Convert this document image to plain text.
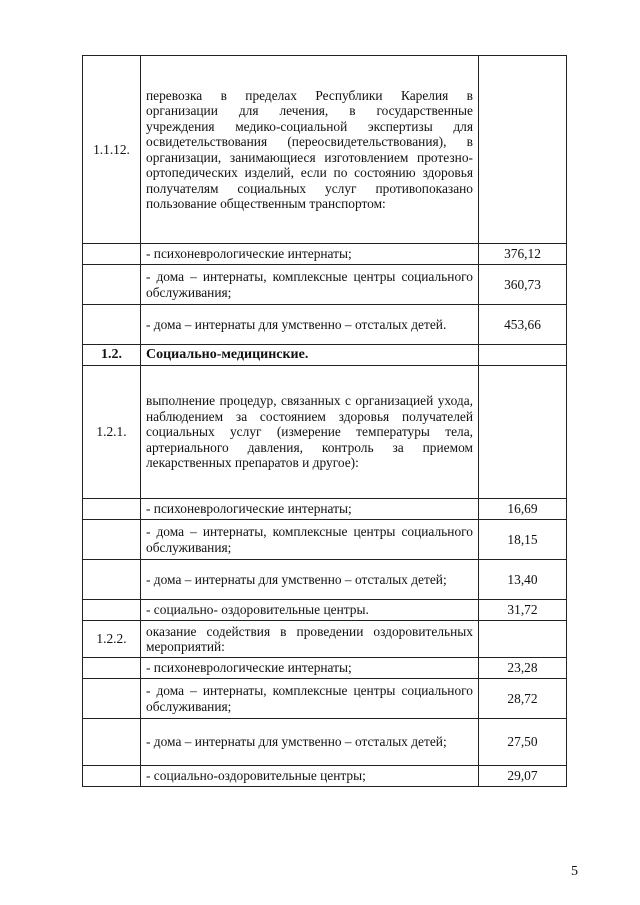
1.1.12.	перевозка в пределах Республики Карелия в организации для лечения, в государственные учреждения медико-социальной экспертизы для освидетельствования (переосвидетельствования), в организации, занимающиеся изготовлением протезно-ортопедических изделий, если по состоянию здоровья получателям социальных услуг противопоказано пользование общественным транспортом:	
	- психоневрологические интернаты;	376,12
	- дома – интернаты, комплексные центры социального обслуживания;	360,73
	- дома – интернаты для умственно – отсталых детей.	453,66
1.2.	Социально-медицинские.	
1.2.1.	выполнение процедур, связанных с организацией ухода, наблюдением за состоянием здоровья получателей социальных услуг (измерение температуры тела, артериального давления, контроль за приемом лекарственных препаратов и другое):	
	- психоневрологические интернаты;	16,69
	- дома – интернаты, комплексные центры социального обслуживания;	18,15
	- дома – интернаты для умственно – отсталых детей;	13,40
	- социально- оздоровительные центры.	31,72
1.2.2.	оказание содействия в проведении оздоровительных мероприятий:	
	- психоневрологические интернаты;	23,28
	- дома – интернаты, комплексные центры социального обслуживания;	28,72
	- дома – интернаты для умственно – отсталых детей;	27,50
	- социально-оздоровительные центры;	29,07
5
